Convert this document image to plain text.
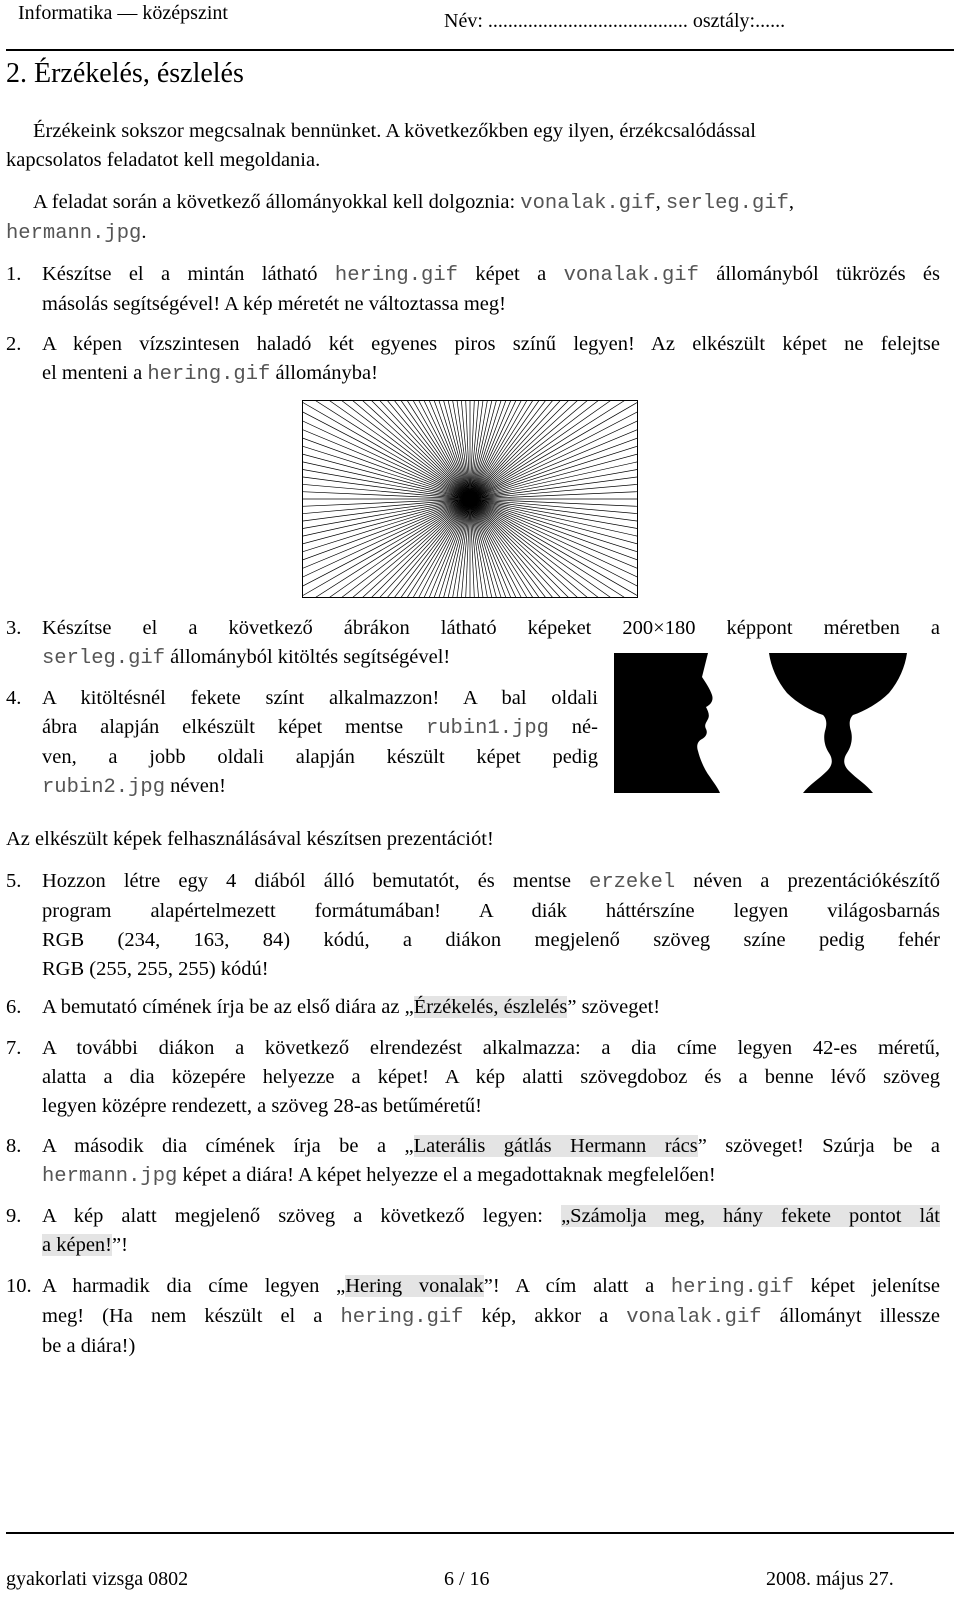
Informatika — középszint	Név: ........................................ osztály:......
2. Érzékelés, észlelés
Érzékeink sokszor megcsalnak bennünket. A következőkben egy ilyen, érzékcsalódással
kapcsolatos feladatot kell megoldania.
A feladat során a következő állományokkal kell dolgoznia: vonalak.gif, serleg.gif,
hermann.jpg.
1. Készítse el a mintán látható hering.gif képet a vonalak.gif állományból tükrözés és
másolás segítségével! A kép méretét ne változtassa meg!
2. A képen vízszintesen haladó két egyenes piros színű legyen! Az elkészült képet ne felejtse
el menteni a hering.gif állományba!
3. Készítse el a következő ábrákon látható képeket 200×180 képpont méretben a
serleg.gif állományból kitöltés segítségével!
4. A kitöltésnél fekete színt alkalmazzon! A bal oldali
ábra alapján elkészült képet mentse rubin1.jpg né-
ven, a jobb oldali alapján készült képet pedig
rubin2.jpg néven!
Az elkészült képek felhasználásával készítsen prezentációt!
5. Hozzon létre egy 4 diából álló bemutatót, és mentse erzekel néven a prezentációkészítő
program alapértelmezett formátumában! A diák háttérszíne legyen világosbarnás
RGB (234, 163, 84) kódú, a diákon megjelenő szöveg színe pedig fehér
RGB (255, 255, 255) kódú!
6. A bemutató címének írja be az első diára az „Érzékelés, észlelés” szöveget!
7. A további diákon a következő elrendezést alkalmazza: a dia címe legyen 42-es méretű,
alatta a dia közepére helyezze a képet! A kép alatti szövegdoboz és a benne lévő szöveg
legyen középre rendezett, a szöveg 28-as betűméretű!
8. A második dia címének írja be a „Laterális gátlás Hermann rács” szöveget! Szúrja be a
hermann.jpg képet a diára! A képet helyezze el a megadottaknak megfelelően!
9. A kép alatt megjelenő szöveg a következő legyen: „Számolja meg, hány fekete pontot lát
a képen!”!
10. A harmadik dia címe legyen „Hering vonalak”! A cím alatt a hering.gif képet jelenítse
meg! (Ha nem készült el a hering.gif kép, akkor a vonalak.gif állományt illessze
be a diára!)
gyakorlati vizsga 0802	6 / 16	2008. május 27.
